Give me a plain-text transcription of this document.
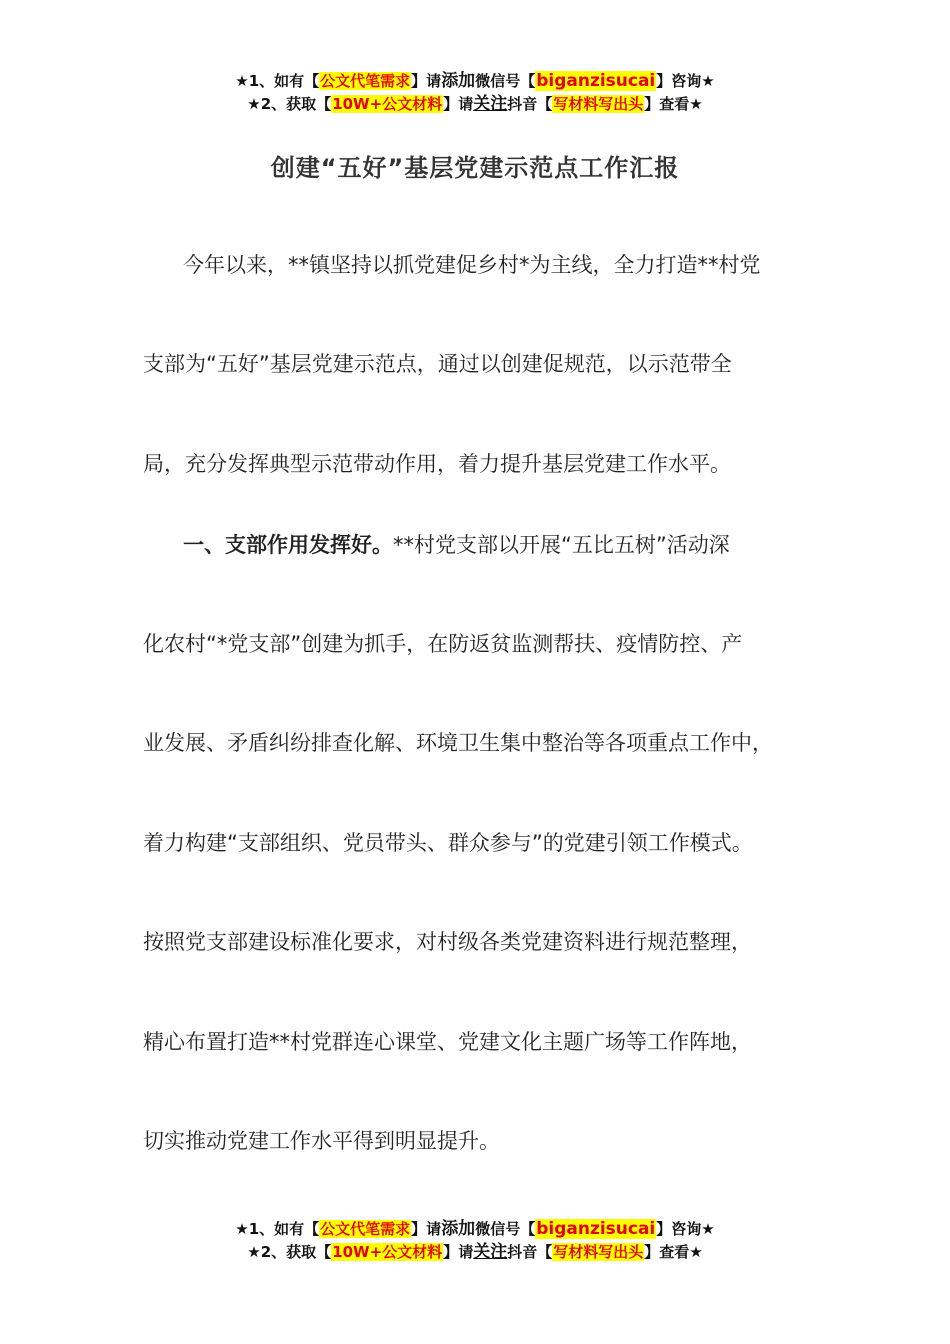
★1、如有【公文代笔需求】请添加微信号【biganzisucai】咨询★
★2、获取【10W+公文材料】请关注抖音【写材料写出头】查看★
创建“五好”基层党建示范点工作汇报
今年以来，**镇坚持以抓党建促乡村*为主线，全力打造**村党
支部为“五好”基层党建示范点，通过以创建促规范，以示范带全
局，充分发挥典型示范带动作用，着力提升基层党建工作水平。
一、支部作用发挥好。**村党支部以开展“五比五树”活动深
化农村“*党支部”创建为抓手，在防返贫监测帮扶、疫情防控、产
业发展、矛盾纠纷排查化解、环境卫生集中整治等各项重点工作中，
着力构建“支部组织、党员带头、群众参与”的党建引领工作模式。
按照党支部建设标准化要求，对村级各类党建资料进行规范整理，
精心布置打造**村党群连心课堂、党建文化主题广场等工作阵地，
切实推动党建工作水平得到明显提升。
★1、如有【公文代笔需求】请添加微信号【biganzisucai】咨询★
★2、获取【10W+公文材料】请关注抖音【写材料写出头】查看★
